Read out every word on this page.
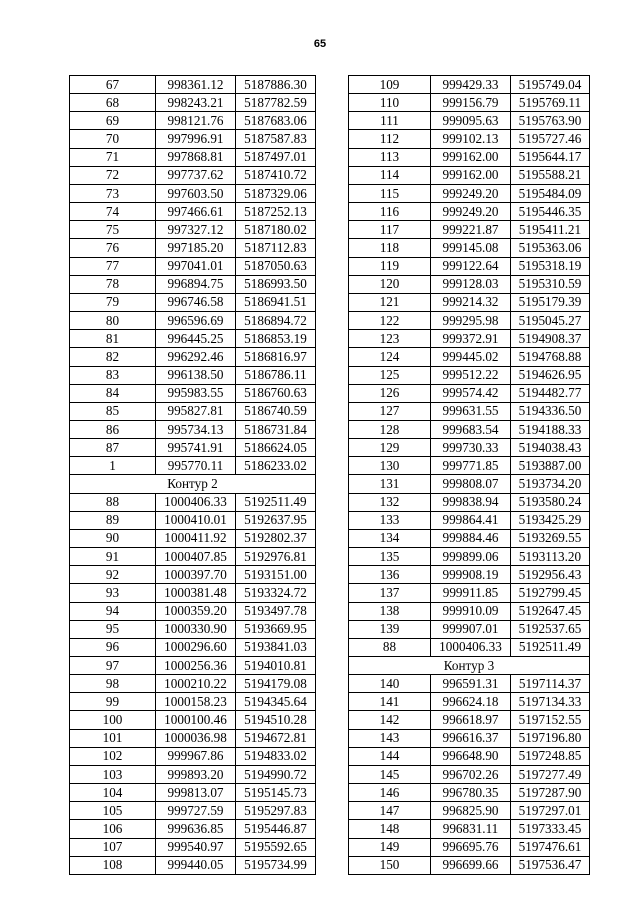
65
67	998361.12	5187886.30
68	998243.21	5187782.59
69	998121.76	5187683.06
70	997996.91	5187587.83
71	997868.81	5187497.01
72	997737.62	5187410.72
73	997603.50	5187329.06
74	997466.61	5187252.13
75	997327.12	5187180.02
76	997185.20	5187112.83
77	997041.01	5187050.63
78	996894.75	5186993.50
79	996746.58	5186941.51
80	996596.69	5186894.72
81	996445.25	5186853.19
82	996292.46	5186816.97
83	996138.50	5186786.11
84	995983.55	5186760.63
85	995827.81	5186740.59
86	995734.13	5186731.84
87	995741.91	5186624.05
1	995770.11	5186233.02
Контур 2		
88	1000406.33	5192511.49
89	1000410.01	5192637.95
90	1000411.92	5192802.37
91	1000407.85	5192976.81
92	1000397.70	5193151.00
93	1000381.48	5193324.72
94	1000359.20	5193497.78
95	1000330.90	5193669.95
96	1000296.60	5193841.03
97	1000256.36	5194010.81
98	1000210.22	5194179.08
99	1000158.23	5194345.64
100	1000100.46	5194510.28
101	1000036.98	5194672.81
102	999967.86	5194833.02
103	999893.20	5194990.72
104	999813.07	5195145.73
105	999727.59	5195297.83
106	999636.85	5195446.87
107	999540.97	5195592.65
108	999440.05	5195734.99
109	999429.33	5195749.04
110	999156.79	5195769.11
111	999095.63	5195763.90
112	999102.13	5195727.46
113	999162.00	5195644.17
114	999162.00	5195588.21
115	999249.20	5195484.09
116	999249.20	5195446.35
117	999221.87	5195411.21
118	999145.08	5195363.06
119	999122.64	5195318.19
120	999128.03	5195310.59
121	999214.32	5195179.39
122	999295.98	5195045.27
123	999372.91	5194908.37
124	999445.02	5194768.88
125	999512.22	5194626.95
126	999574.42	5194482.77
127	999631.55	5194336.50
128	999683.54	5194188.33
129	999730.33	5194038.43
130	999771.85	5193887.00
131	999808.07	5193734.20
132	999838.94	5193580.24
133	999864.41	5193425.29
134	999884.46	5193269.55
135	999899.06	5193113.20
136	999908.19	5192956.43
137	999911.85	5192799.45
138	999910.09	5192647.45
139	999907.01	5192537.65
88	1000406.33	5192511.49
Контур 3		
140	996591.31	5197114.37
141	996624.18	5197134.33
142	996618.97	5197152.55
143	996616.37	5197196.80
144	996648.90	5197248.85
145	996702.26	5197277.49
146	996780.35	5197287.90
147	996825.90	5197297.01
148	996831.11	5197333.45
149	996695.76	5197476.61
150	996699.66	5197536.47
